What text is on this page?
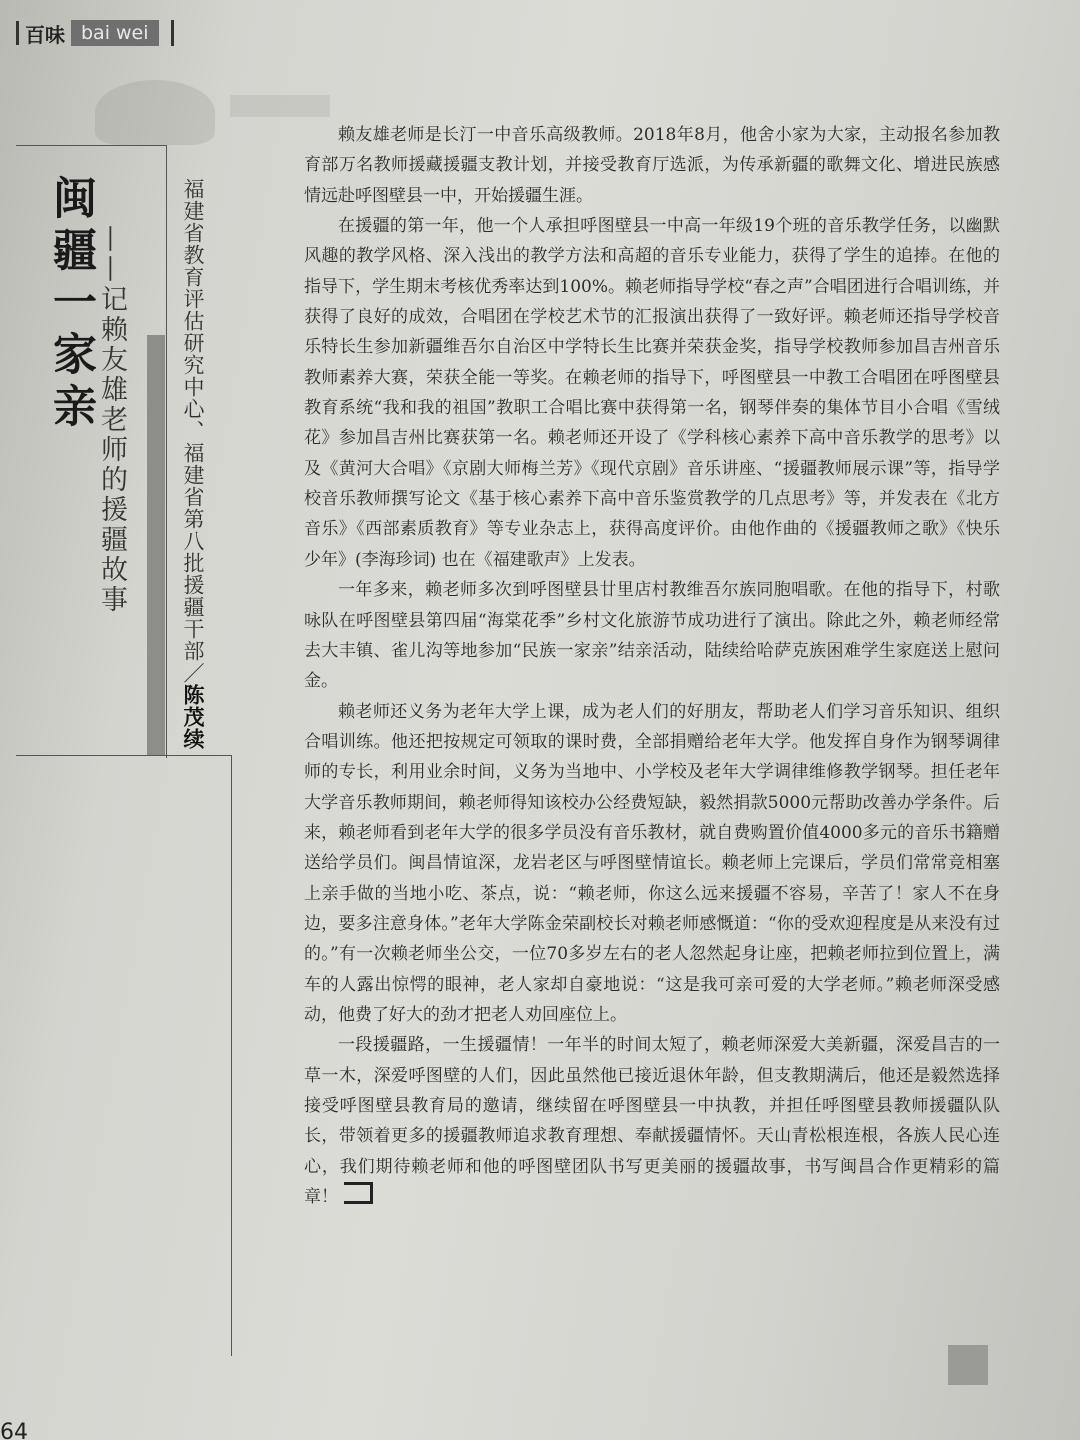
百味 bai wei
闽疆一家亲 ——记赖友雄老师的援疆故事	福建省教育评估研究中心、福建省第八批援疆干部／陈茂续

赖友雄老师是长汀一中音乐高级教师。2018年8月，他舍小家为大家，主动报名参加教育部万名教师援藏援疆支教计划，并接受教育厅选派，为传承新疆的歌舞文化、增进民族感情远赴呼图壁县一中，开始援疆生涯。

在援疆的第一年，他一个人承担呼图壁县一中高一年级19个班的音乐教学任务，以幽默风趣的教学风格、深入浅出的教学方法和高超的音乐专业能力，获得了学生的追捧。在他的指导下，学生期末考核优秀率达到100%。赖老师指导学校“春之声”合唱团进行合唱训练，并获得了良好的成效，合唱团在学校艺术节的汇报演出获得了一致好评。赖老师还指导学校音乐特长生参加新疆维吾尔自治区中学特长生比赛并荣获金奖，指导学校教师参加昌吉州音乐教师素养大赛，荣获全能一等奖。在赖老师的指导下，呼图壁县一中教工合唱团在呼图壁县教育系统“我和我的祖国”教职工合唱比赛中获得第一名，钢琴伴奏的集体节目小合唱《雪绒花》参加昌吉州比赛获第一名。赖老师还开设了《学科核心素养下高中音乐教学的思考》以及《黄河大合唱》《京剧大师梅兰芳》《现代京剧》音乐讲座、“援疆教师展示课”等，指导学校音乐教师撰写论文《基于核心素养下高中音乐鉴赏教学的几点思考》等，并发表在《北方音乐》《西部素质教育》等专业杂志上，获得高度评价。由他作曲的《援疆教师之歌》《快乐少年》(李海珍词) 也在《福建歌声》上发表。

一年多来，赖老师多次到呼图壁县廿里店村教维吾尔族同胞唱歌。在他的指导下，村歌咏队在呼图壁县第四届“海棠花季”乡村文化旅游节成功进行了演出。除此之外，赖老师经常去大丰镇、雀儿沟等地参加“民族一家亲”结亲活动，陆续给哈萨克族困难学生家庭送上慰问金。

赖老师还义务为老年大学上课，成为老人们的好朋友，帮助老人们学习音乐知识、组织合唱训练。他还把按规定可领取的课时费，全部捐赠给老年大学。他发挥自身作为钢琴调律师的专长，利用业余时间，义务为当地中、小学校及老年大学调律维修教学钢琴。担任老年大学音乐教师期间，赖老师得知该校办公经费短缺，毅然捐款5000元帮助改善办学条件。后来，赖老师看到老年大学的很多学员没有音乐教材，就自费购置价值4000多元的音乐书籍赠送给学员们。闽昌情谊深，龙岩老区与呼图壁情谊长。赖老师上完课后，学员们常常竞相塞上亲手做的当地小吃、茶点，说：“赖老师，你这么远来援疆不容易，辛苦了！家人不在身边，要多注意身体。”老年大学陈金荣副校长对赖老师感慨道：“你的受欢迎程度是从来没有过的。”有一次赖老师坐公交，一位70多岁左右的老人忽然起身让座，把赖老师拉到位置上，满车的人露出惊愕的眼神，老人家却自豪地说：“这是我可亲可爱的大学老师。”赖老师深受感动，他费了好大的劲才把老人劝回座位上。

一段援疆路，一生援疆情！一年半的时间太短了，赖老师深爱大美新疆，深爱昌吉的一草一木，深爱呼图壁的人们，因此虽然他已接近退休年龄，但支教期满后，他还是毅然选择接受呼图壁县教育局的邀请，继续留在呼图壁县一中执教，并担任呼图壁县教师援疆队队长，带领着更多的援疆教师追求教育理想、奉献援疆情怀。天山青松根连根，各族人民心连心，我们期待赖老师和他的呼图壁团队书写更美丽的援疆故事，书写闽昌合作更精彩的篇章！

64
